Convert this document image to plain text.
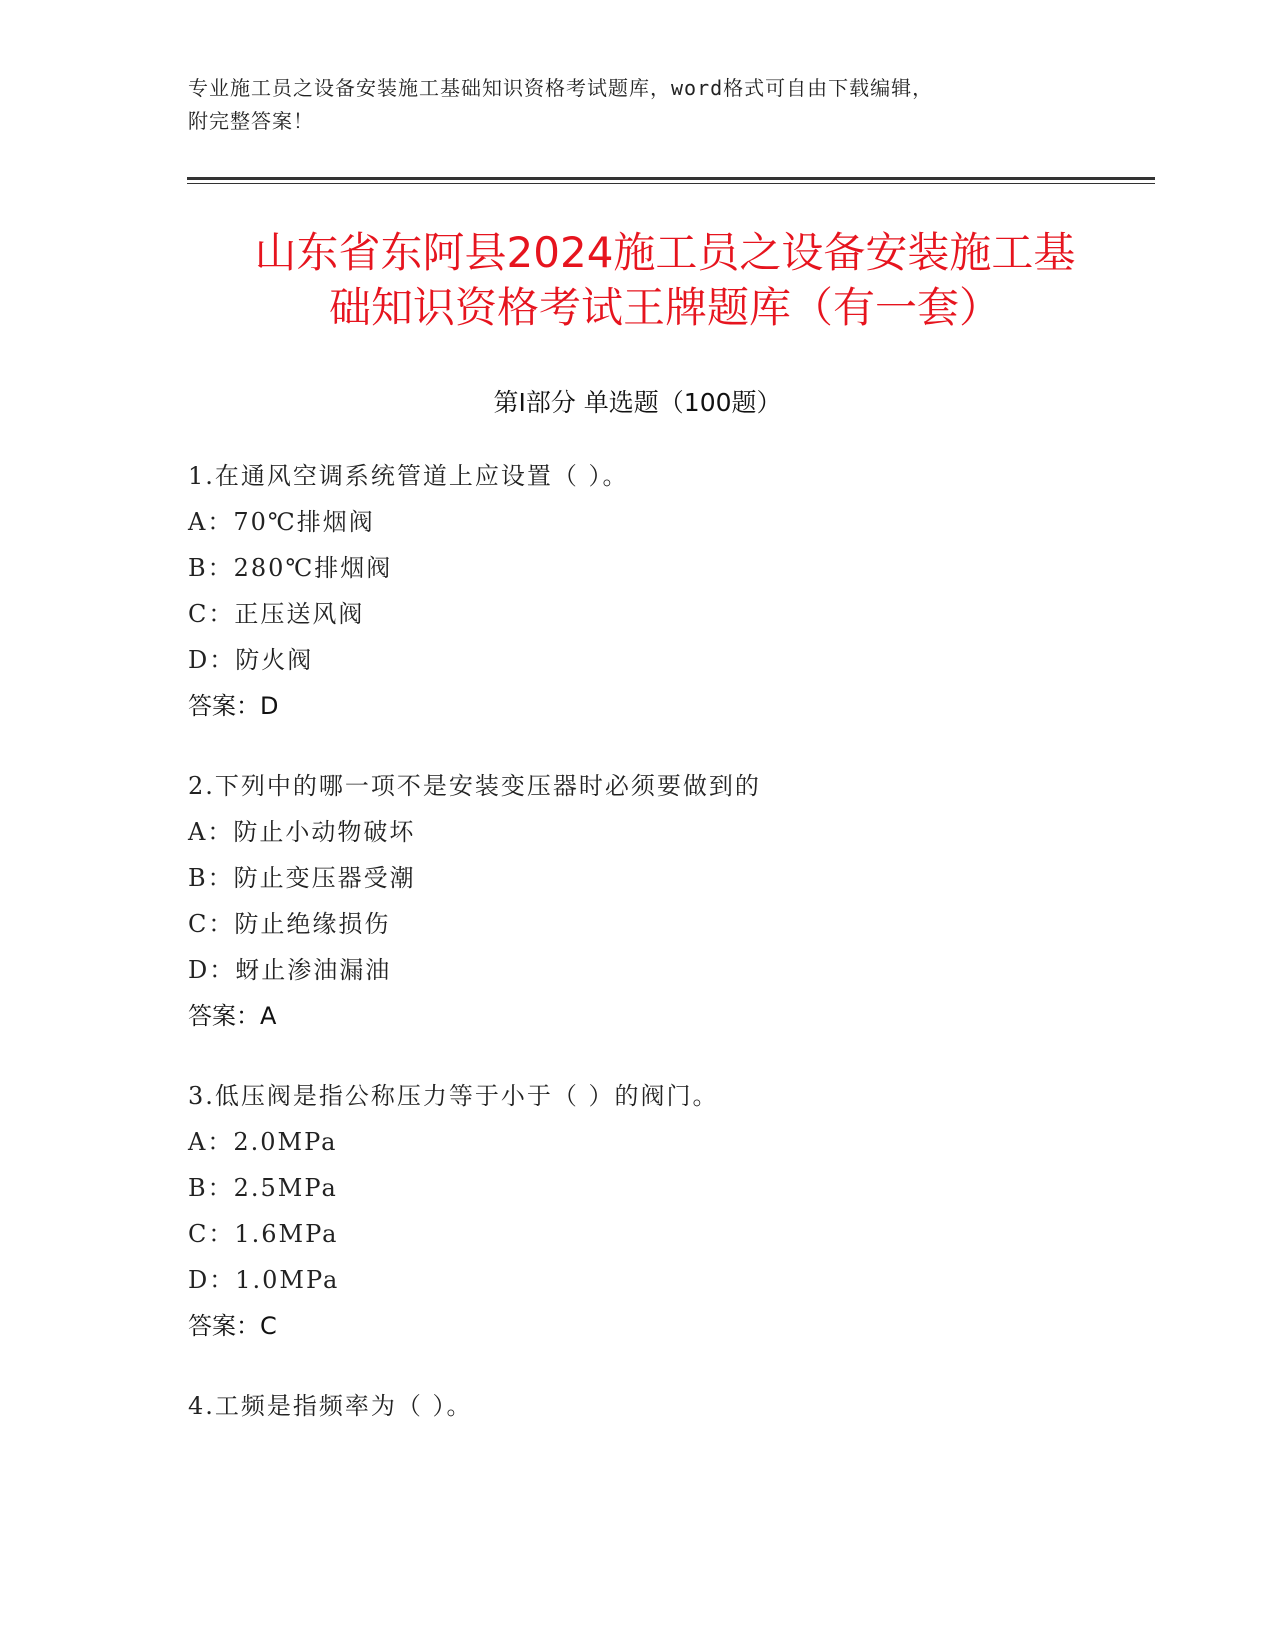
专业施工员之设备安装施工基础知识资格考试题库，word格式可自由下载编辑，
附完整答案！
山东省东阿县2024施工员之设备安装施工基
础知识资格考试王牌题库（有一套）
第Ⅰ部分 单选题（100题）
1.在通风空调系统管道上应设置（ ）。
A：70℃排烟阀
B：280℃排烟阀
C：正压送风阀
D：防火阀
答案：D
2.下列中的哪一项不是安装变压器时必须要做到的
A：防止小动物破坏
B：防止变压器受潮
C：防止绝缘损伤
D：蚜止渗油漏油
答案：A
3.低压阀是指公称压力等于小于（ ）的阀门。
A：2.0MPa
B：2.5MPa
C：1.6MPa
D：1.0MPa
答案：C
4.工频是指频率为（ ）。
